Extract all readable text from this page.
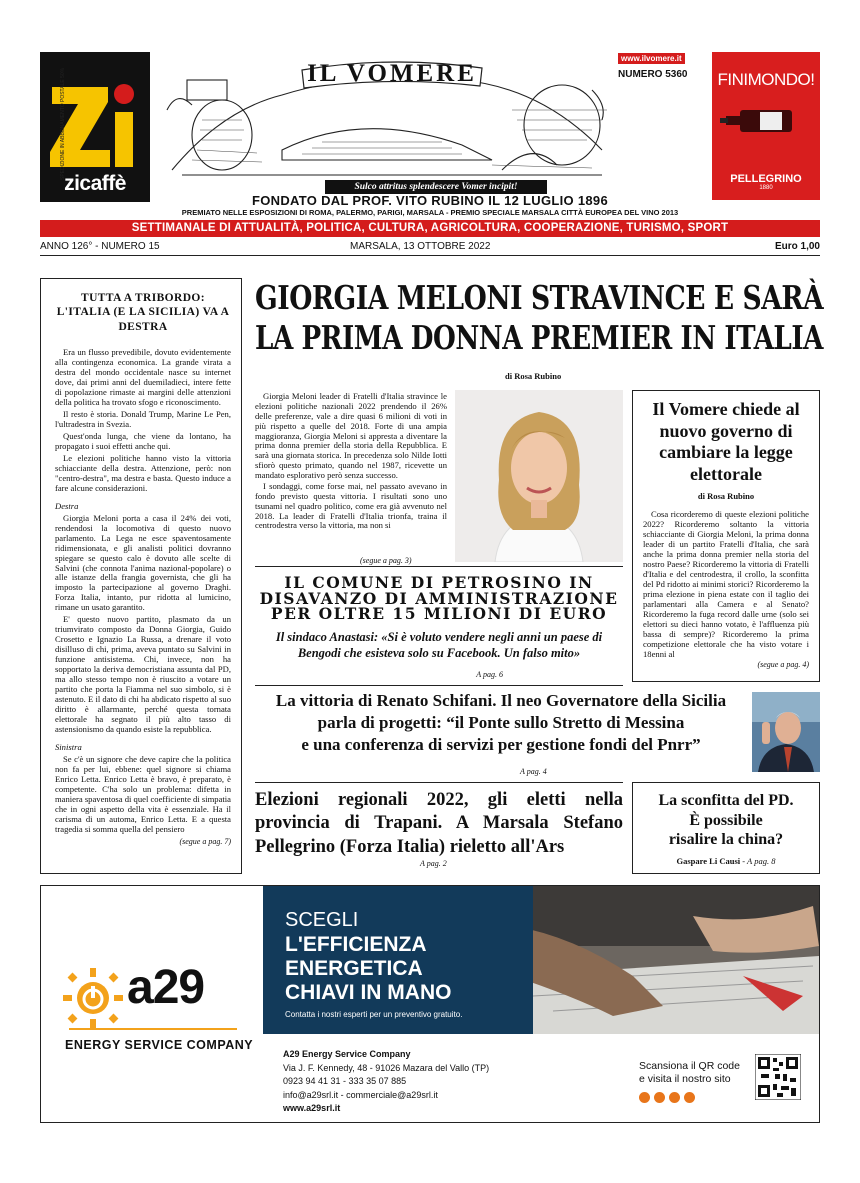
SPEDIZIONE IN ABBONAMENTO POSTALE 50%
zicaffè
IL VOMERE
www.ilvomere.it
NUMERO 5360	FINIMONDO!
PELLEGRINO
1880
Sulco attritus splendescere Vomer incipit!
FONDATO DAL PROF. VITO RUBINO IL 12 LUGLIO 1896
PREMIATO NELLE ESPOSIZIONI DI ROMA, PALERMO, PARIGI, MARSALA - PREMIO SPECIALE MARSALA CITTÀ EUROPEA DEL VINO 2013
SETTIMANALE DI ATTUALITÀ, POLITICA, CULTURA, AGRICOLTURA, COOPERAZIONE, TURISMO, SPORT
ANNO 126° - NUMERO 15	MARSALA, 13 OTTOBRE 2022	Euro 1,00
TUTTA A TRIBORDO: L'ITALIA (E LA SICILIA) VA A DESTRA

Era un flusso prevedibile, dovuto evidentemente alla contingenza economica. La grande virata a destra del mondo occidentale nasce su internet dove, dai primi anni del duemiladieci, intere fette di popolazione rimaste ai margini delle attenzioni della politica ha trovato sfogo e riconoscimento.

Il resto è storia. Donald Trump, Marine Le Pen, l'ultradestra in Svezia.

Quest'onda lunga, che viene da lontano, ha propagato i suoi effetti anche qui.

Le elezioni politiche hanno visto la vittoria schiacciante della destra. Attenzione, però: non "centro-destra", ma destra e basta. Questo induce a fare alcune considerazioni.

Destra

Giorgia Meloni porta a casa il 24% dei voti, rendendosi la locomotiva di questo nuovo parlamento. La Lega ne esce spaventosamente ridimensionata, e gli analisti politici dovranno spiegare se questo calo è dovuto alle scelte di Salvini (che connota l'anima nazional-popolare) o alle istanze della frangia governista, che gli ha imposto la partecipazione al governo Draghi. Forza Italia, intanto, pur ridotta al lumicino, rimane un usato garantito.

E' questo nuovo partito, plasmato da un triumvirato composto da Donna Giorgia, Guido Crosetto e Ignazio La Russa, a drenare il voto disilluso di chi, prima, aveva puntato su Salvini in funzione antisistema. Chi, invece, non ha sopportato la deriva democristiana assunta dal PD, ma allo stesso tempo non è riuscito a votare un partito che porta la Fiamma nel suo simbolo, si è astenuto. E il dato di chi ha abdicato rispetto al suo diritto è allarmante, perché questa tornata elettorale ha segnato il più alto tasso di astensionismo da quando esiste la repubblica.

Sinistra

Se c'è un signore che deve capire che la politica non fa per lui, ebbene: quel signore si chiama Enrico Letta. Enrico Letta è bravo, è preparato, è competente. C'ha solo un problema: difetta in maniera spaventosa di quel coefficiente di simpatia che in ogni aspetto della vita è essenziale. Ha il carisma di un automa, Enrico Letta. E a questa tragedia si somma quella del pensiero

(segue a pag. 7)

GIORGIA MELONI STRAVINCE E SARÀ
LA PRIMA DONNA PREMIER IN ITALIA
di Rosa Rubino

Giorgia Meloni leader di Fratelli d'Italia stravince le elezioni politiche nazionali 2022 prendendo il 26% delle preferenze, vale a dire quasi 6 milioni di voti in più rispetto a quelle del 2018. Forte di una ampia maggioranza, Giorgia Meloni si appresta a diventare la prima donna premier della storia della Repubblica. E sarà una giornata storica. In precedenza solo Nilde Iotti sfiorò questo primato, quando nel 1987, ricevette un mandato esplorativo però senza successo.

I sondaggi, come forse mai, nel passato avevano in fondo previsto questa vittoria. I risultati sono uno tsunami nel quadro politico, come era già avvenuto nel 2018. La leader di Fratelli d'Italia trionfa, traina il centrodestra verso la vittoria, ma non si

(segue a pag. 3)
Il Vomere chiede al nuovo governo di cambiare la legge elettorale
di Rosa Rubino

Cosa ricorderemo di queste elezioni politiche 2022? Ricorderemo soltanto la vittoria schiacciante di Giorgia Meloni, la prima donna leader di un partito Fratelli d'Italia, che sarà anche la prima donna premier nella storia del nostro Paese? Ricorderemo la vittoria di Fratelli d'Italia e del centrodestra, il crollo, la sconfitta del Pd ridotto ai minimi storici? Ricorderemo la prima elezione in piena estate con il taglio dei parlamentari alla Camera e al Senato? Ricorderemo la fuga record dalle urne (solo sei elettori su dieci hanno votato, è l'affluenza più bassa di sempre)? Ricorderemo la prima competizione elettorale che ha visto votare i 18enni al

(segue a pag. 4)

IL COMUNE DI PETROSINO IN
DISAVANZO DI AMMINISTRAZIONE
PER OLTRE 15 MILIONI DI EURO
Il sindaco Anastasi: «Si è voluto vendere negli anni un paese di Bengodi che esisteva solo su Facebook. Un falso mito»
A pag. 6
La vittoria di Renato Schifani. Il neo Governatore della Sicilia
parla di progetti: “il Ponte sullo Stretto di Messina
e una conferenza di servizi per gestione fondi del Pnrr”
A pag. 4
Elezioni regionali 2022, gli eletti nella provincia di Trapani. A Marsala Stefano Pellegrino (Forza Italia) rieletto all'Ars
A pag. 2
La sconfitta del PD.
È possibile
risalire la china?
Gaspare Li Causi - A pag. 8
a29
ENERGY SERVICE COMPANY
SCEGLI
L'EFFICIENZA
ENERGETICA
CHIAVI IN MANO
Contatta i nostri esperti per un preventivo gratuito.
A29 Energy Service Company
Via J. F. Kennedy, 48 - 91026 Mazara del Vallo (TP)
0923 94 41 31 - 333 35 07 885
info@a29srl.it - commerciale@a29srl.it
www.a29srl.it
Scansiona il QR code
e visita il nostro sito
